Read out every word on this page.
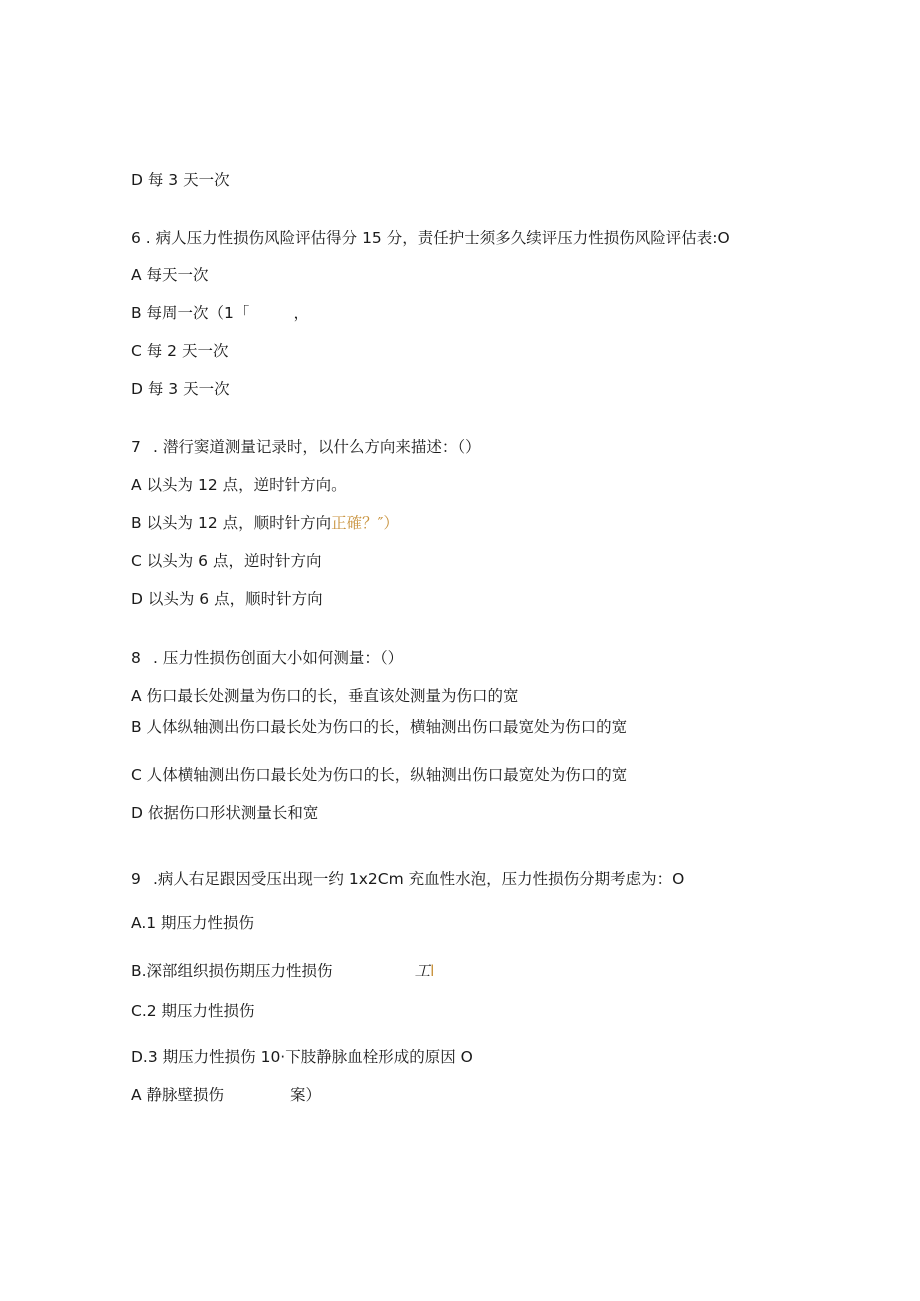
D 每 3 天一次
6 . 病人压力性损伤风险评估得分 15 分，责任护士须多久续评压力性损伤风险评估表:O
A 每天一次
B 每周一次（1「	，
C 每 2 天一次
D 每 3 天一次
7 . 潜行窦道测量记录时，以什么方向来描述：（）
A 以头为 12 点，逆时针方向。
B 以头为 12 点，顺时针方向正確？″）
C 以头为 6 点，逆时针方向
D 以头为 6 点，顺时针方向
8 . 压力性损伤创面大小如何测量：（）
A 伤口最长处测量为伤口的长，垂直该处测量为伤口的宽
B 人体纵轴测出伤口最长处为伤口的长，横轴测出伤口最宽处为伤口的宽
C 人体横轴测出伤口最长处为伤口的长，纵轴测出伤口最宽处为伤口的宽
D 依据伤口形状测量长和宽
9 .病人右足跟因受压出现一约 1x2Cm 充血性水泡，压力性损伤分期考虑为：O
A.1 期压力性损伤
B.深部组织损伤期压力性损伤	工l
C.2 期压力性损伤
D.3 期压力性损伤 10·下肢静脉血栓形成的原因 O
A 静脉壁损伤	案）
